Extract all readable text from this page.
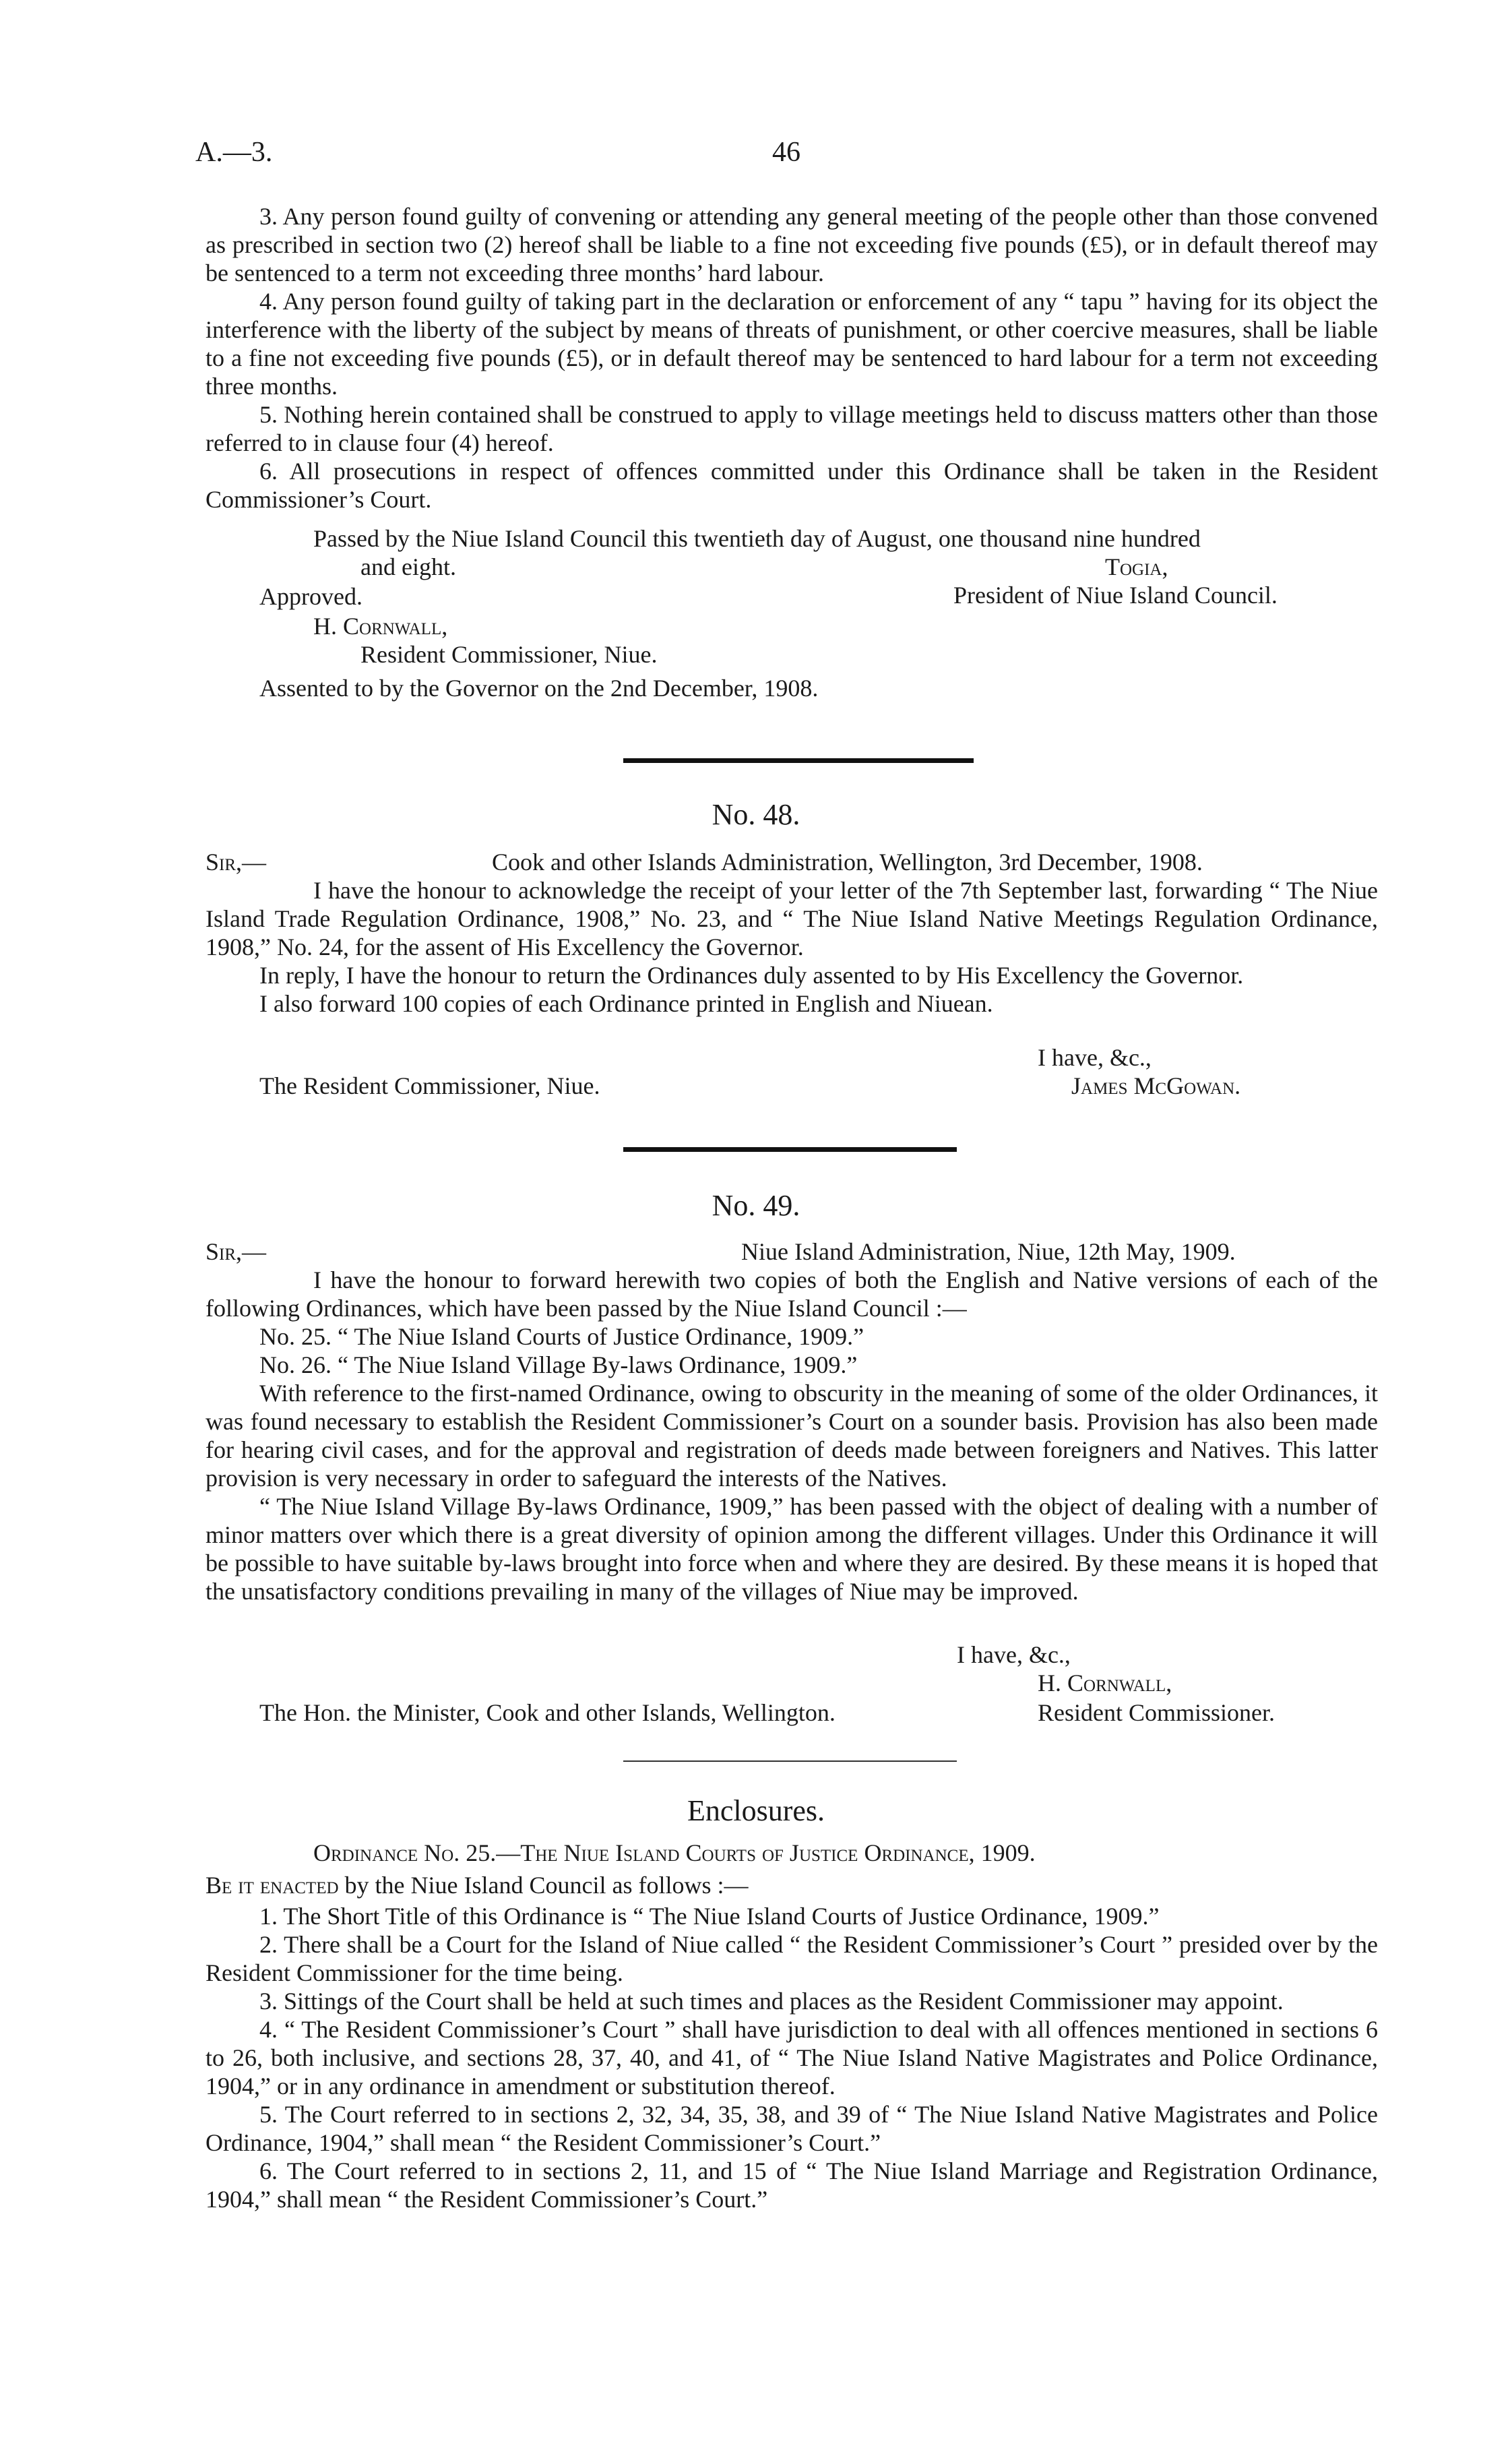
A.—3.	46

3. Any person found guilty of convening or attending any general meeting of the people other than those convened as prescribed in section two (2) hereof shall be liable to a fine not exceeding five pounds (£5), or in default thereof may be sentenced to a term not exceeding three months’ hard labour.

4. Any person found guilty of taking part in the declaration or enforcement of any “ tapu ” having for its object the interference with the liberty of the subject by means of threats of punishment, or other coercive measures, shall be liable to a fine not exceeding five pounds (£5), or in default thereof may be sentenced to hard labour for a term not exceeding three months.

5. Nothing herein contained shall be construed to apply to village meetings held to discuss matters other than those referred to in clause four (4) hereof.

6. All prosecutions in respect of offences committed under this Ordinance shall be taken in the Resident Commissioner’s Court.

Passed by the Niue Island Council this twentieth day of August, one thousand nine hundred
and eight.	Togia,
Approved.	President of Niue Island Council.
H. Cornwall,
Resident Commissioner, Niue.
Assented to by the Governor on the 2nd December, 1908.
No. 48.
Sir,—	Cook and other Islands Administration, Wellington, 3rd December, 1908.

I have the honour to acknowledge the receipt of your letter of the 7th September last, forwarding “ The Niue Island Trade Regulation Ordinance, 1908,” No. 23, and “ The Niue Island Native Meetings Regulation Ordinance, 1908,” No. 24, for the assent of His Excellency the Governor.

In reply, I have the honour to return the Ordinances duly assented to by His Excellency the Governor.

I also forward 100 copies of each Ordinance printed in English and Niuean.

I have, &c.,
The Resident Commissioner, Niue.	James McGowan.
No. 49.
Sir,—	Niue Island Administration, Niue, 12th May, 1909.

I have the honour to forward herewith two copies of both the English and Native versions of each of the following Ordinances, which have been passed by the Niue Island Council :—

No. 25. “ The Niue Island Courts of Justice Ordinance, 1909.”

No. 26. “ The Niue Island Village By-laws Ordinance, 1909.”

With reference to the first-named Ordinance, owing to obscurity in the meaning of some of the older Ordinances, it was found necessary to establish the Resident Commissioner’s Court on a sounder basis. Provision has also been made for hearing civil cases, and for the approval and registration of deeds made between foreigners and Natives. This latter provision is very necessary in order to safeguard the interests of the Natives.

“ The Niue Island Village By-laws Ordinance, 1909,” has been passed with the object of dealing with a number of minor matters over which there is a great diversity of opinion among the different villages. Under this Ordinance it will be possible to have suitable by-laws brought into force when and where they are desired. By these means it is hoped that the unsatisfactory conditions prevailing in many of the villages of Niue may be improved.

I have, &c.,
H. Cornwall,
The Hon. the Minister, Cook and other Islands, Wellington.	Resident Commissioner.
Enclosures.
Ordinance No. 25.—The Niue Island Courts of Justice Ordinance, 1909.
Be it enacted by the Niue Island Council as follows :—

1. The Short Title of this Ordinance is “ The Niue Island Courts of Justice Ordinance, 1909.”

2. There shall be a Court for the Island of Niue called “ the Resident Commissioner’s Court ” presided over by the Resident Commissioner for the time being.

3. Sittings of the Court shall be held at such times and places as the Resident Commissioner may appoint.

4. “ The Resident Commissioner’s Court ” shall have jurisdiction to deal with all offences mentioned in sections 6 to 26, both inclusive, and sections 28, 37, 40, and 41, of “ The Niue Island Native Magistrates and Police Ordinance, 1904,” or in any ordinance in amendment or substitution thereof.

5. The Court referred to in sections 2, 32, 34, 35, 38, and 39 of “ The Niue Island Native Magistrates and Police Ordinance, 1904,” shall mean “ the Resident Commissioner’s Court.”

6. The Court referred to in sections 2, 11, and 15 of “ The Niue Island Marriage and Registration Ordinance, 1904,” shall mean “ the Resident Commissioner’s Court.”
